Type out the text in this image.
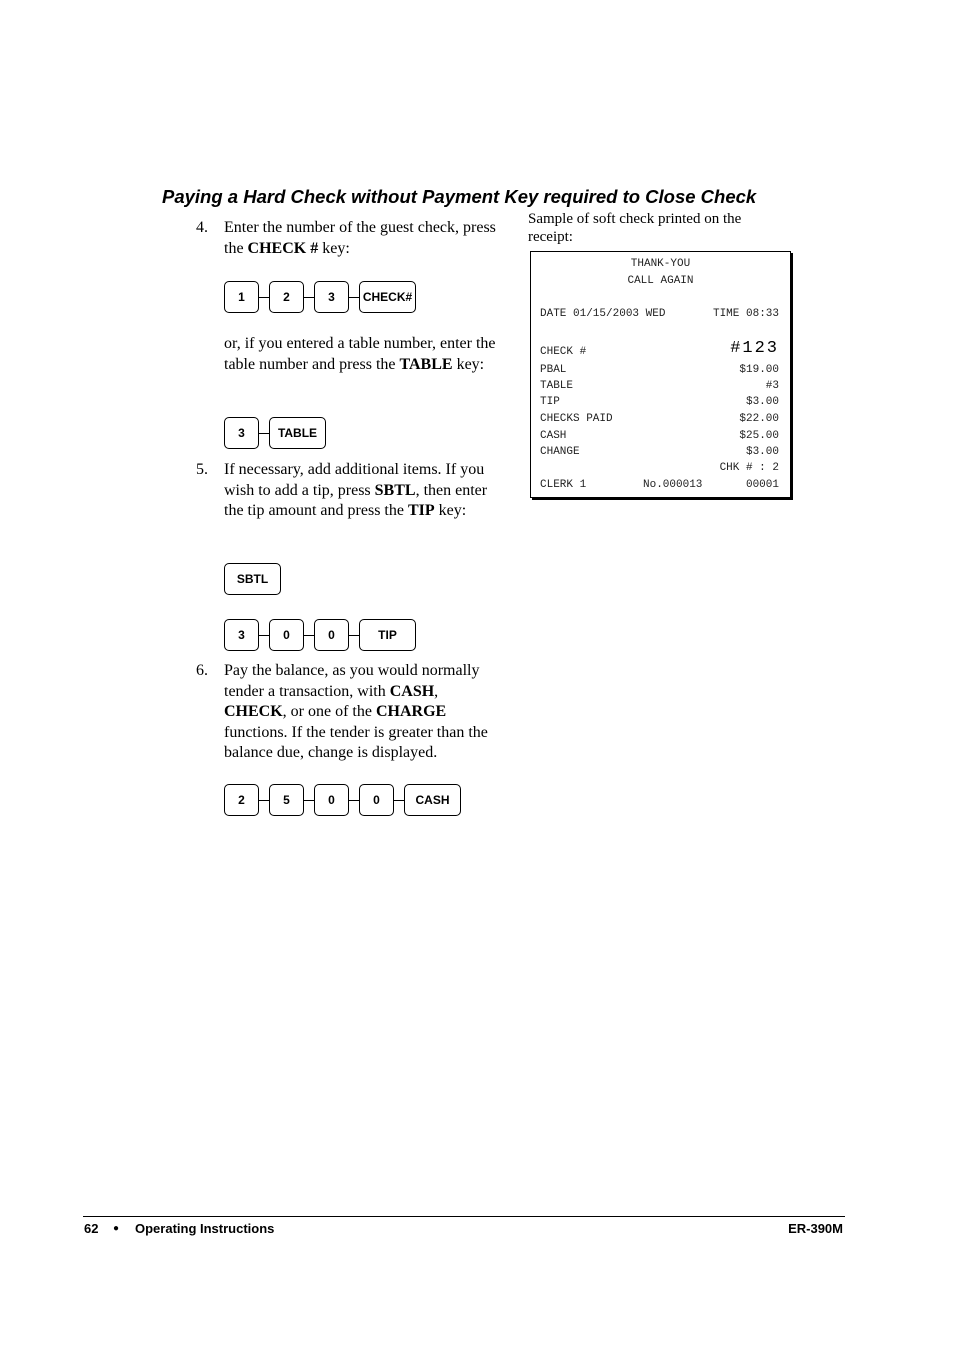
Paying a Hard Check without Payment Key required to Close Check
4. Enter the number of the guest check, press the CHECK # key:
1	2	3	CHECK#
or, if you entered a table number, enter the table number and press the TABLE key:
3	TABLE
5. If necessary, add additional items. If you wish to add a tip, press SBTL, then enter the tip amount and press the TIP key:
SBTL
3	0	0	TIP
6. Pay the balance, as you would normally tender a transaction, with CASH, CHECK, or one of the CHARGE functions. If the tender is greater than the balance due, change is displayed.
2	5	0	0	CASH
Sample of soft check printed on the receipt:
THANK-YOU
CALL AGAIN
DATE 01/15/2003 WED	TIME 08:33
CHECK #	#123
PBAL	$19.00
TABLE	#3
TIP	$3.00
CHECKS PAID	$22.00
CASH	$25.00
CHANGE	$3.00
CHK # : 2
CLERK 1	No.000013	00001
62 ● Operating Instructions	ER-390M
